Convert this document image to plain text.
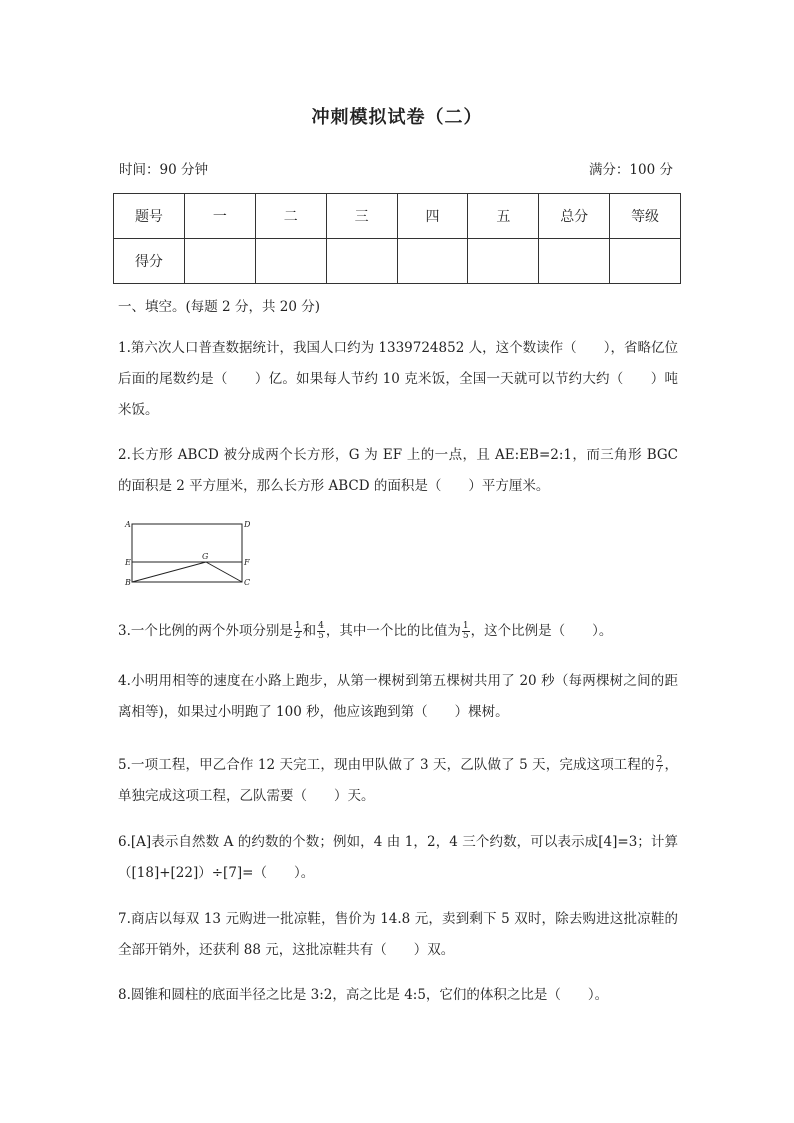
冲刺模拟试卷（二）
时间：90 分钟	满分：100 分
题号	一	二	三	四	五	总分	等级
得分							
一、填空。(每题 2 分，共 20 分)
1.第六次人口普查数据统计，我国人口约为 1339724852 人，这个数读作（　　），省略亿位后面的尾数约是（　　）亿。如果每人节约 10 克米饭，全国一天就可以节约大约（　　）吨米饭。
2.长方形 ABCD 被分成两个长方形，G 为 EF 上的一点，且 AE:EB=2:1，而三角形 BGC 的面积是 2 平方厘米，那么长方形 ABCD 的面积是（　　）平方厘米。
A	D
E
G
F
B	C
3.一个比例的两个外项分别是 $\frac{1}{2}$ 和 $\frac{4}{5}$ ，其中一个比的比值为 $\frac{1}{5}$ ，这个比例是（　　）。
4.小明用相等的速度在小路上跑步，从第一棵树到第五棵树共用了 20 秒（每两棵树之间的距离相等)，如果过小明跑了 100 秒，他应该跑到第（　　）棵树。
5.一项工程，甲乙合作 12 天完工，现由甲队做了 3 天，乙队做了 5 天，完成这项工程的 $\frac{2}{7}$ ，单独完成这项工程，乙队需要（　　）天。
6.[A]表示自然数 A 的约数的个数；例如，4 由 1，2，4 三个约数，可以表示成[4]=3；计算（[18]+[22]）÷[7]=（　　）。
7.商店以每双 13 元购进一批凉鞋，售价为 14.8 元，卖到剩下 5 双时，除去购进这批凉鞋的全部开销外，还获利 88 元，这批凉鞋共有（　　）双。
8.圆锥和圆柱的底面半径之比是 3:2，高之比是 4:5，它们的体积之比是（　　）。
